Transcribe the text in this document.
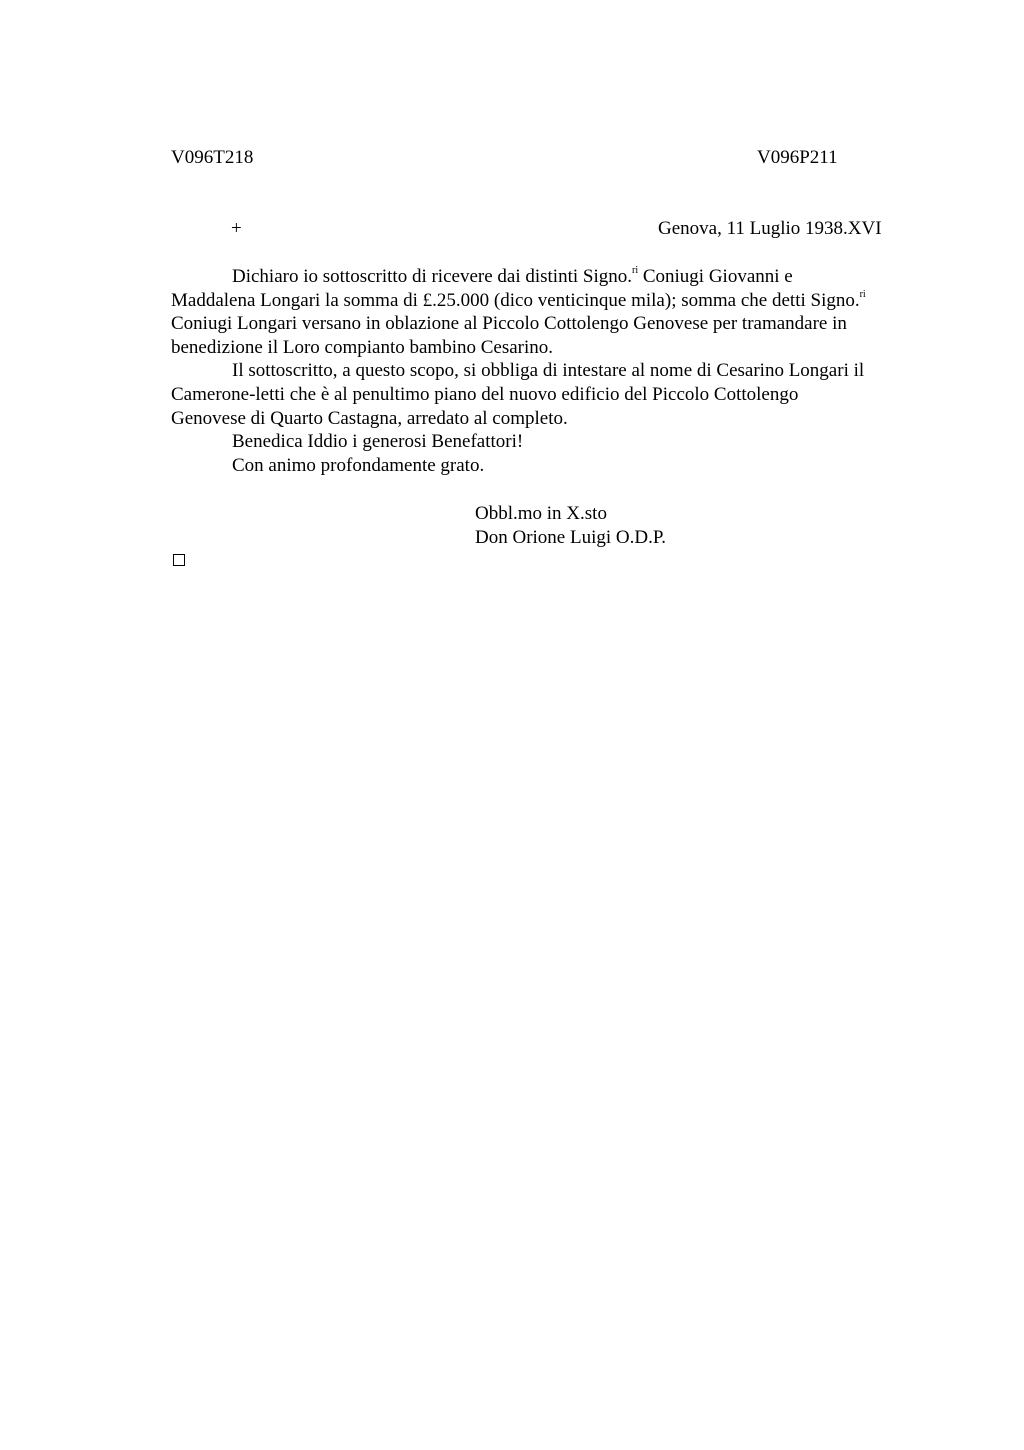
V096T218	V096P211
+	Genova, 11 Luglio 1938.XVI
Dichiaro io sottoscritto di ricevere dai distinti Signo.$^{ri}$ Coniugi Giovanni e
Maddalena Longari la somma di £.25.000 (dico venticinque mila); somma che detti Signo.$^{ri}$
Coniugi Longari versano in oblazione al Piccolo Cottolengo Genovese per tramandare in
benedizione il Loro compianto bambino Cesarino.
Il sottoscritto, a questo scopo, si obbliga di intestare al nome di Cesarino Longari il
Camerone-letti che è al penultimo piano del nuovo edificio del Piccolo Cottolengo
Genovese di Quarto Castagna, arredato al completo.
Benedica Iddio i generosi Benefattori!
Con animo profondamente grato.
Obbl.mo in X.sto
Don Orione Luigi O.D.P.
